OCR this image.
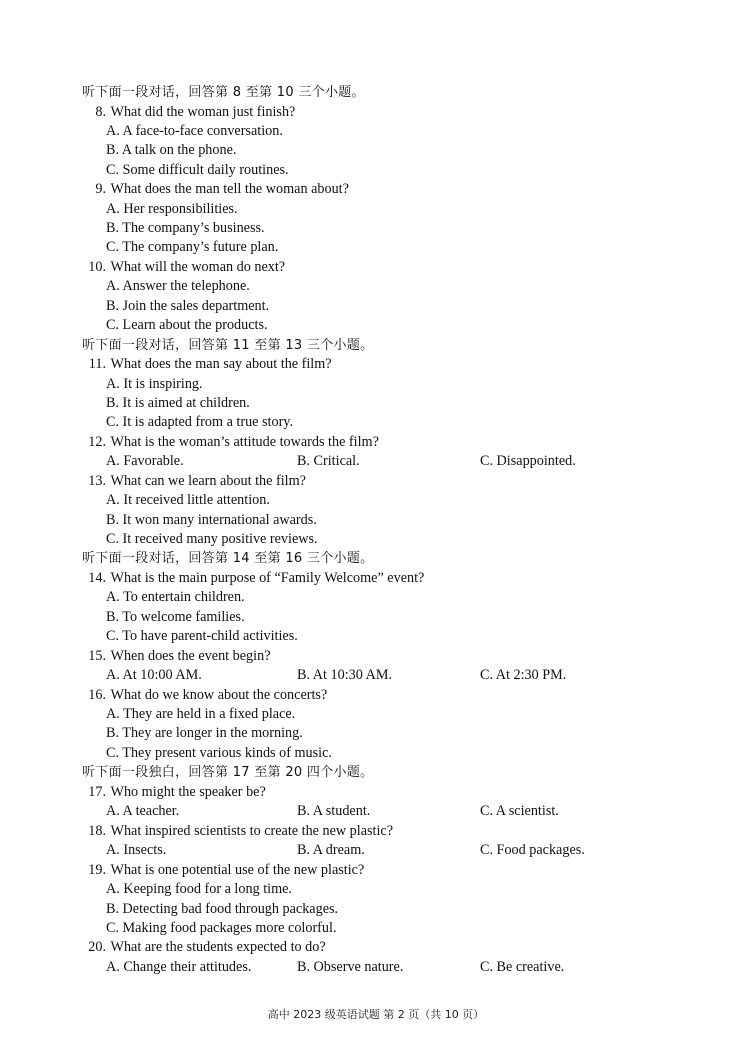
听下面一段对话，回答第 8 至第 10 三个小题。
8. What did the woman just finish?
A. A face-to-face conversation.
B. A talk on the phone.
C. Some difficult daily routines.
9. What does the man tell the woman about?
A. Her responsibilities.
B. The company’s business.
C. The company’s future plan.
10. What will the woman do next?
A. Answer the telephone.
B. Join the sales department.
C. Learn about the products.
听下面一段对话，回答第 11 至第 13 三个小题。
11. What does the man say about the film?
A. It is inspiring.
B. It is aimed at children.
C. It is adapted from a true story.
12. What is the woman’s attitude towards the film?
A. Favorable.	B. Critical.	C. Disappointed.
13. What can we learn about the film?
A. It received little attention.
B. It won many international awards.
C. It received many positive reviews.
听下面一段对话，回答第 14 至第 16 三个小题。
14. What is the main purpose of “Family Welcome” event?
A. To entertain children.
B. To welcome families.
C. To have parent-child activities.
15. When does the event begin?
A. At 10:00 AM.	B. At 10:30 AM.	C. At 2:30 PM.
16. What do we know about the concerts?
A. They are held in a fixed place.
B. They are longer in the morning.
C. They present various kinds of music.
听下面一段独白，回答第 17 至第 20 四个小题。
17. Who might the speaker be?
A. A teacher.	B. A student.	C. A scientist.
18. What inspired scientists to create the new plastic?
A. Insects.	B. A dream.	C. Food packages.
19. What is one potential use of the new plastic?
A. Keeping food for a long time.
B. Detecting bad food through packages.
C. Making food packages more colorful.
20. What are the students expected to do?
A. Change their attitudes.	B. Observe nature.	C. Be creative.
高中 2023 级英语试题 第 2 页（共 10 页）
